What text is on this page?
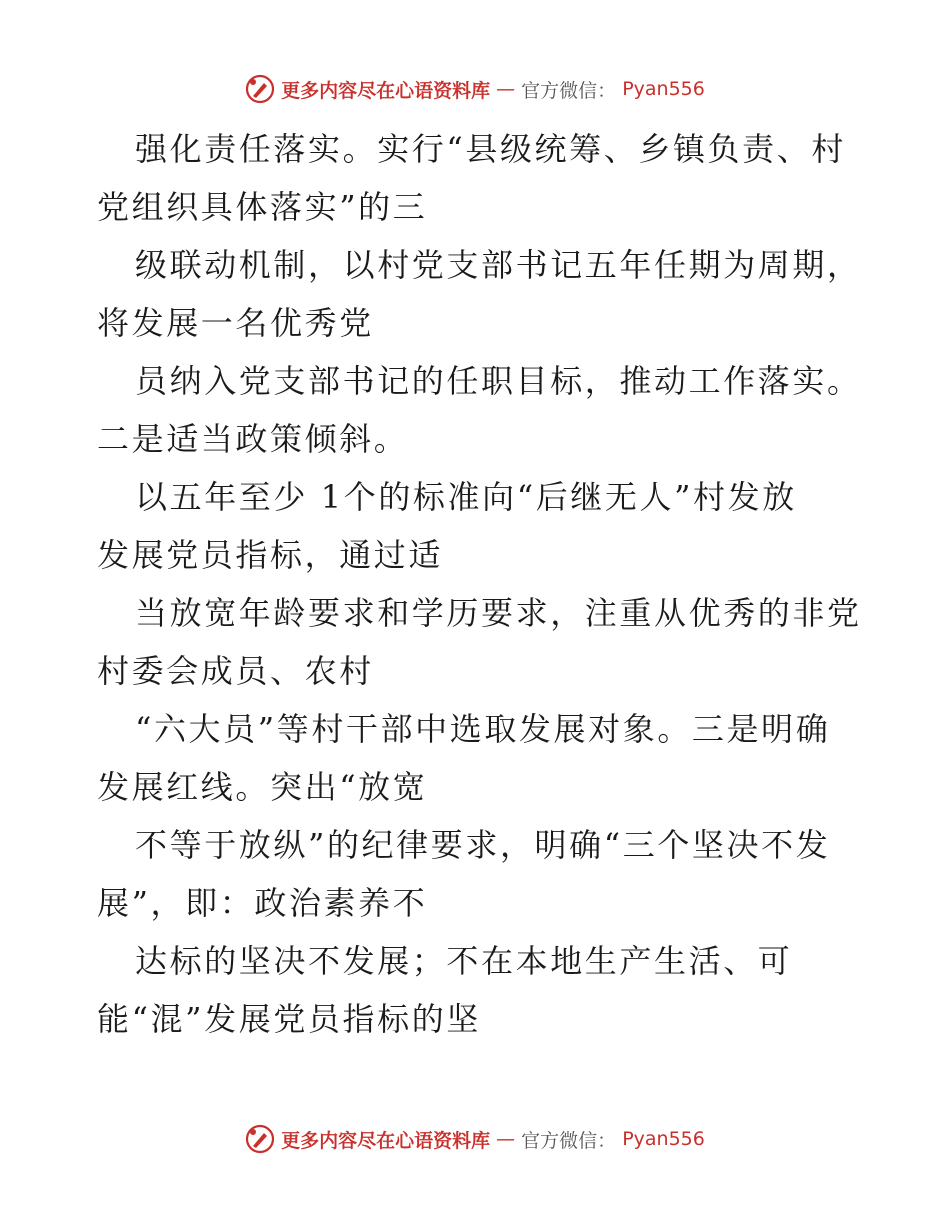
更多内容尽在心语资料库 — 官方微信： Pyan556
强化责任落实。实行“县级统筹、乡镇负责、村
党组织具体落实”的三
级联动机制，以村党支部书记五年任期为周期，
将发展一名优秀党
员纳入党支部书记的任职目标，推动工作落实。
二是适当政策倾斜。
以五年至少 1个的标准向“后继无人”村发放
发展党员指标，通过适
当放宽年龄要求和学历要求，注重从优秀的非党
村委会成员、农村
“六大员”等村干部中选取发展对象。三是明确
发展红线。突出“放宽
不等于放纵”的纪律要求，明确“三个坚决不发
展”，即：政治素养不
达标的坚决不发展；不在本地生产生活、可
能“混”发展党员指标的坚
更多内容尽在心语资料库 — 官方微信： Pyan556
